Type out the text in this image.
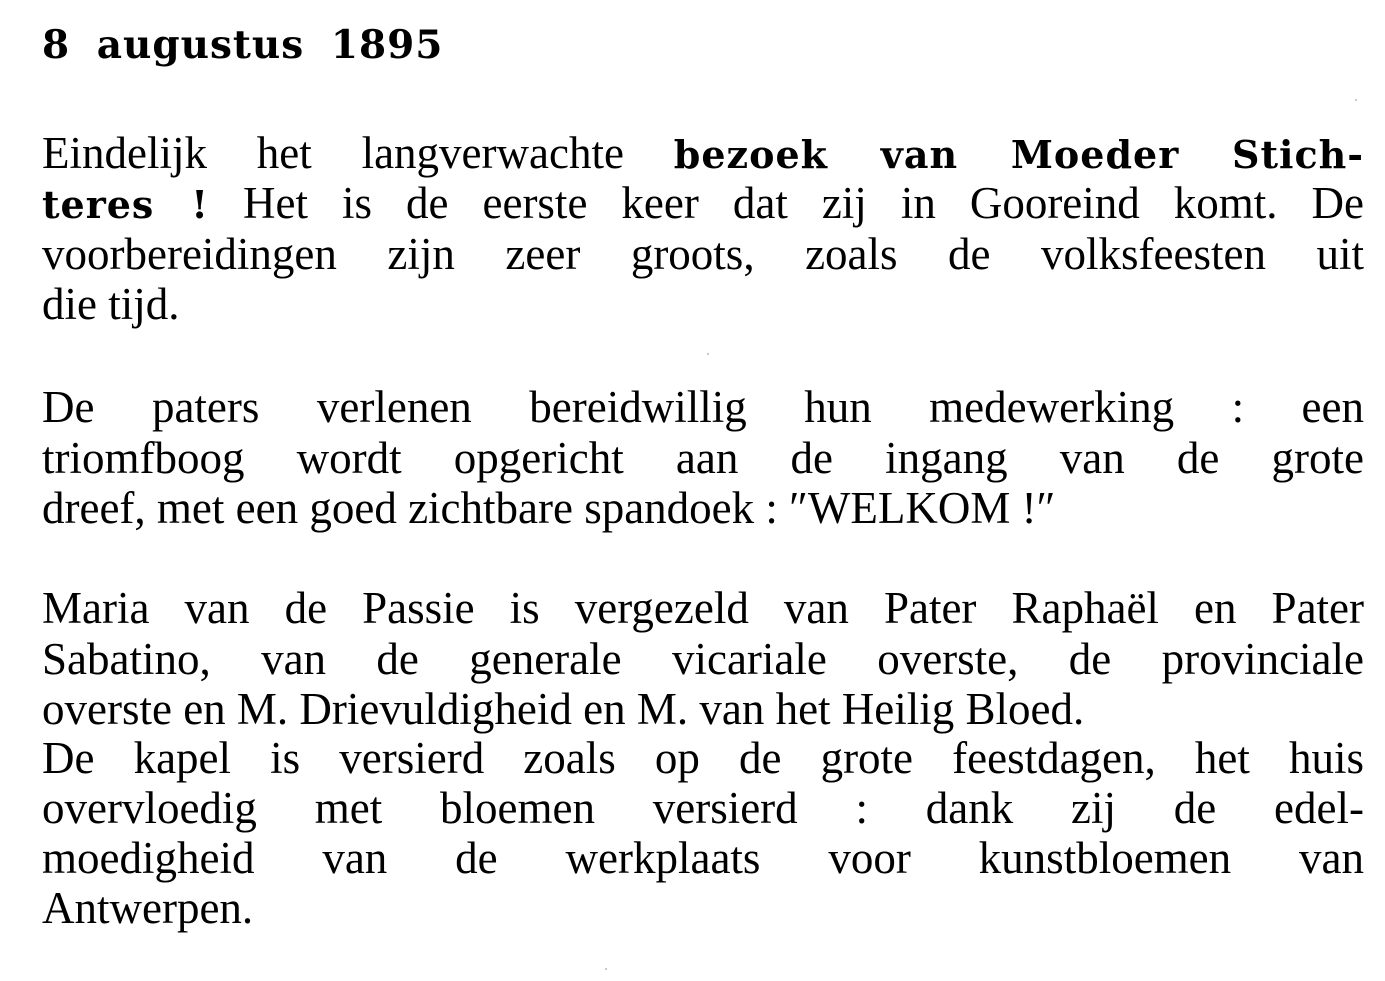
8 augustus 1895

Eindelijk het langverwachte bezoek van Moeder Stich-

teres ! Het is de eerste keer dat zij in Gooreind komt. De

voorbereidingen zijn zeer groots, zoals de volksfeesten uit

die tijd.

De paters verlenen bereidwillig hun medewerking : een

triomfboog wordt opgericht aan de ingang van de grote

dreef, met een goed zichtbare spandoek : ″WELKOM !″

Maria van de Passie is vergezeld van Pater Raphaël en Pater

Sabatino, van de generale vicariale overste, de provinciale

overste en M. Drievuldigheid en M. van het Heilig Bloed.

De kapel is versierd zoals op de grote feestdagen, het huis

overvloedig met bloemen versierd : dank zij de edel-

moedigheid van de werkplaats voor kunstbloemen van

Antwerpen.
